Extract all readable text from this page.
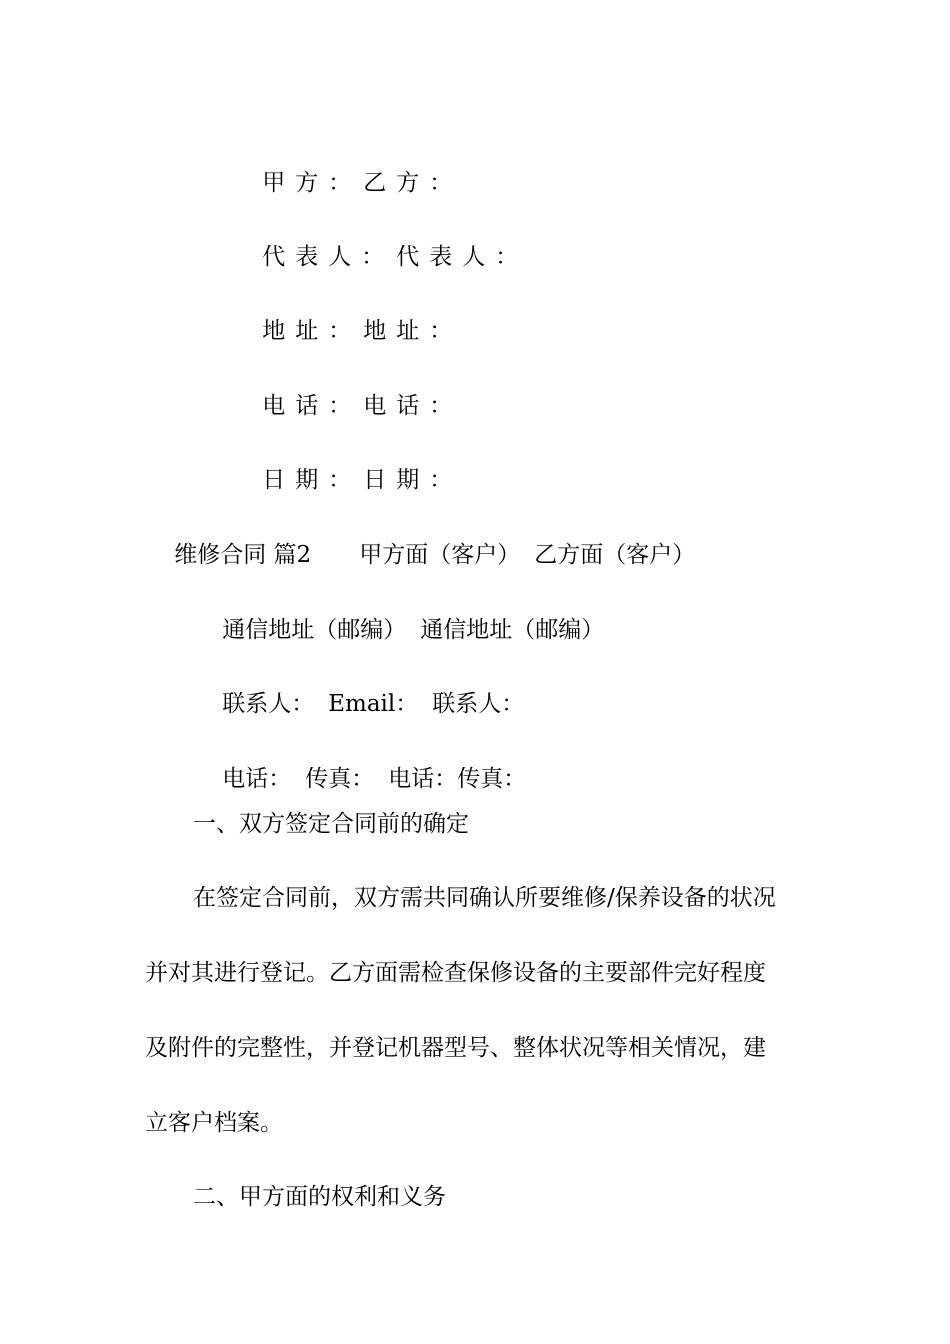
甲方：乙方：

代表人：代表人：

地址：地址：

电话：电话：

日期：日期：

维修合同 篇2 甲方面（客户） 乙方面（客户）

通信地址（邮编） 通信地址（邮编）

联系人： Email： 联系人：

电话： 传真： 电话：传真：

一、双方签定合同前的确定
在签定合同前，双方需共同确认所要维修/保养设备的状况
并对其进行登记。乙方面需检查保修设备的主要部件完好程度
及附件的完整性，并登记机器型号、整体状况等相关情况，建
立客户档案。
二、甲方面的权利和义务
